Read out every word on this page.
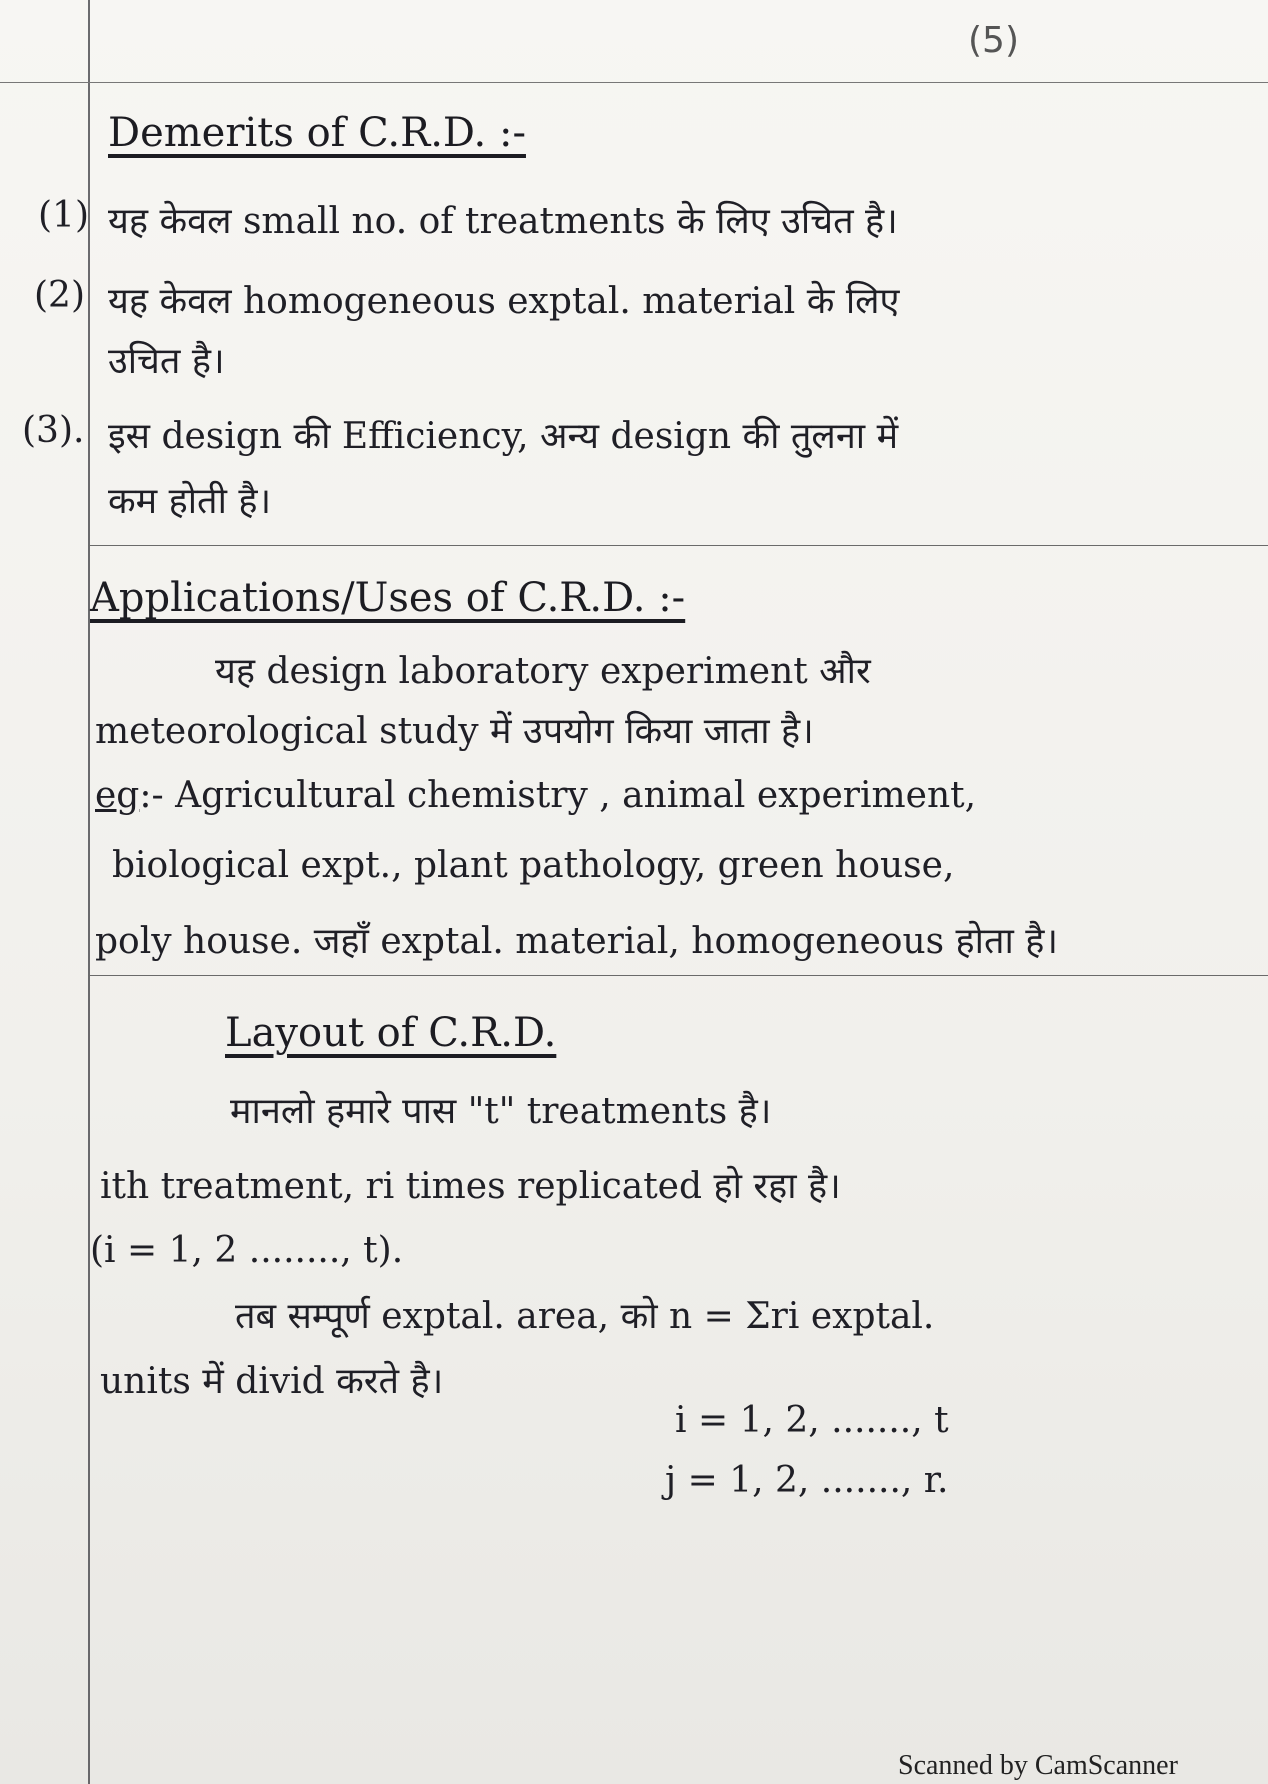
(5)
Demerits of C.R.D. :-
(1) यह केवल small no. of treatments के लिए उचित है।
(2) यह केवल homogeneous exptal. material के लिए
उचित है।
(3). इस design की Efficiency, अन्य design की तुलना में
कम होती है।
Applications/Uses of C.R.D. :-
यह design laboratory experiment और
meteorological study में उपयोग किया जाता है।
eg:- Agricultural chemistry , animal experiment,
biological expt., plant pathology, green house,
poly house. जहाँ exptal. material, homogeneous होता है।
Layout of C.R.D.
मानलो हमारे पास "t" treatments है।
ith treatment, ri times replicated हो रहा है।
(i = 1, 2 ........, t).
तब सम्पूर्ण exptal. area, को n = Σri exptal.
units में divid करते है।
i = 1, 2, ......., t
j = 1, 2, ......., r.
Scanned by CamScanner
